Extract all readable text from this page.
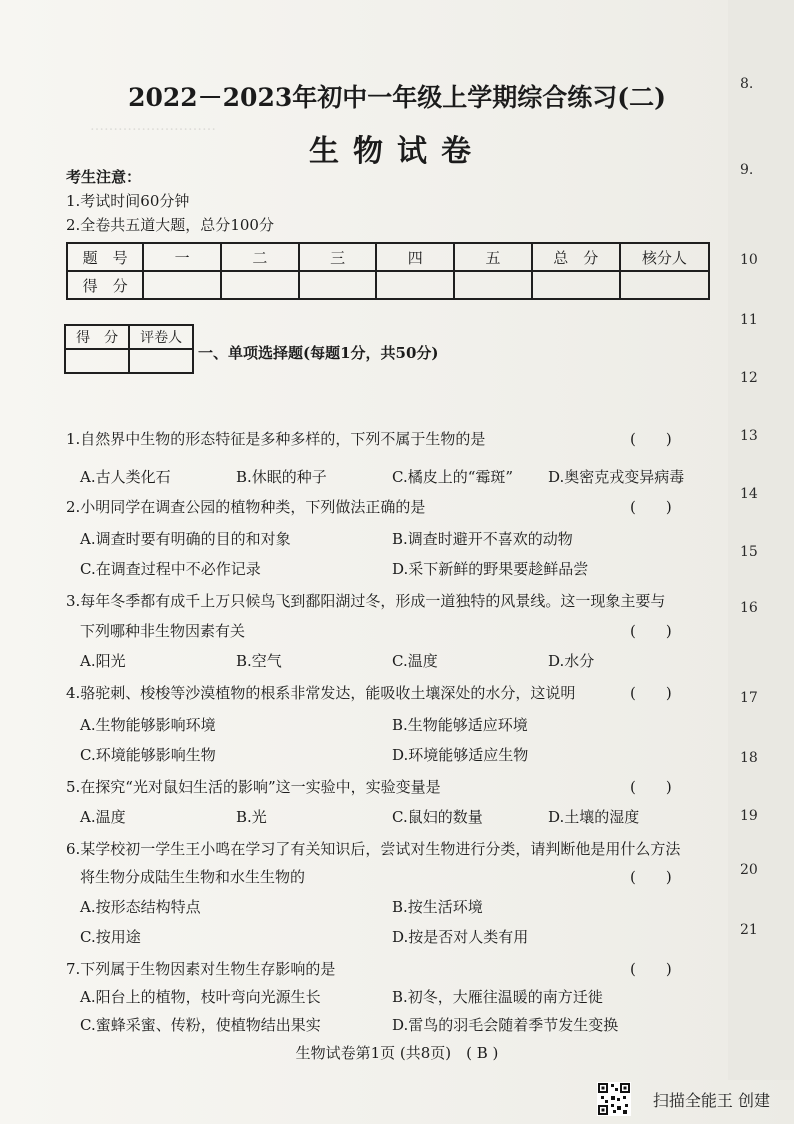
………………………
8.
9.
10
11
12
13
14
15
16
17
18
19
20
21
2022－2023年初中一年级上学期综合练习(二)
生物试卷
考生注意：
1.考试时间60分钟
2.全卷共五道大题，总分100分
题　号	一	二	三	四	五	总　分	核分人
得　分							
得　分	评卷人

一、单项选择题(每题1分，共50分)
1.自然界中生物的形态特征是多种多样的，下列不属于生物的是	(　　)
A.古人类化石	B.休眠的种子	C.橘皮上的“霉斑” D.奥密克戎变异病毒
2.小明同学在调查公园的植物种类，下列做法正确的是	(　　)
A.调查时要有明确的目的和对象	B.调查时避开不喜欢的动物
C.在调查过程中不必作记录	D.采下新鲜的野果要趁鲜品尝
3.每年冬季都有成千上万只候鸟飞到鄱阳湖过冬，形成一道独特的风景线。这一现象主要与
下列哪种非生物因素有关	(　　)
A.阳光	B.空气	C.温度	D.水分
4.骆驼刺、梭梭等沙漠植物的根系非常发达，能吸收土壤深处的水分，这说明	(　　)
A.生物能够影响环境	B.生物能够适应环境
C.环境能够影响生物	D.环境能够适应生物
5.在探究“光对鼠妇生活的影响”这一实验中，实验变量是	(　　)
A.温度	B.光	C.鼠妇的数量	D.土壤的湿度
6.某学校初一学生王小鸣在学习了有关知识后，尝试对生物进行分类，请判断他是用什么方法
将生物分成陆生生物和水生生物的	(　　)
A.按形态结构特点	B.按生活环境
C.按用途	D.按是否对人类有用
7.下列属于生物因素对生物生存影响的是	(　　)
A.阳台上的植物，枝叶弯向光源生长	B.初冬，大雁往温暖的南方迁徙
C.蜜蜂采蜜、传粉，使植物结出果实	D.雷鸟的羽毛会随着季节发生变换
生物试卷第1页 (共8页)　( B )
扫描全能王 创建
